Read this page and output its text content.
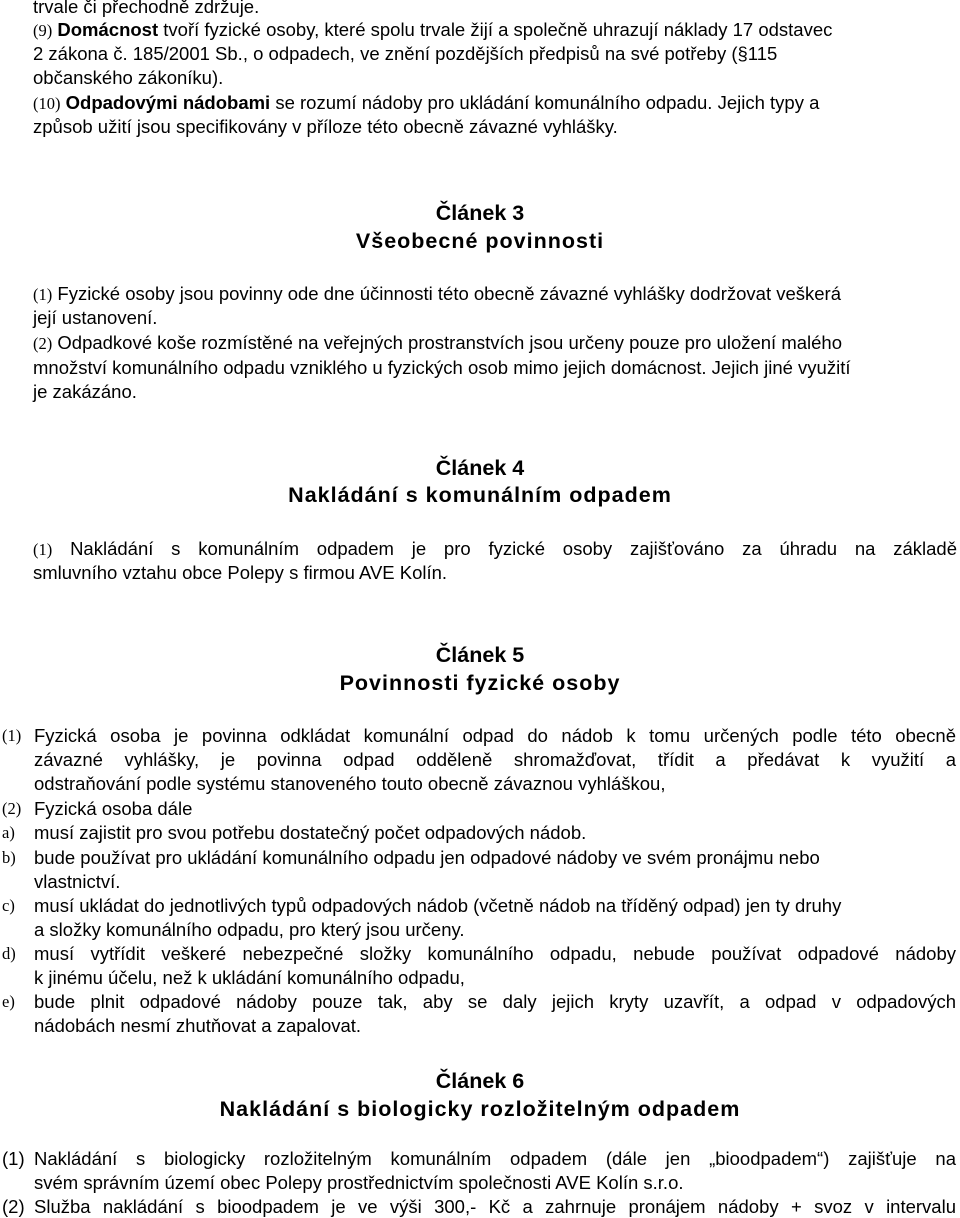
trvale či přechodně zdržuje.
(9) Domácnost tvoří fyzické osoby, které spolu trvale žijí a společně uhrazují náklady 17 odstavec
2 zákona č. 185/2001 Sb., o odpadech, ve znění pozdějších předpisů na své potřeby (§115
občanského zákoníku).
(10) Odpadovými nádobami se rozumí nádoby pro ukládání komunálního odpadu. Jejich typy a
způsob užití jsou specifikovány v příloze této obecně závazné vyhlášky.
Článek 3
Všeobecné povinnosti
(1) Fyzické osoby jsou povinny ode dne účinnosti této obecně závazné vyhlášky dodržovat veškerá
její ustanovení.
(2) Odpadkové koše rozmístěné na veřejných prostranstvích jsou určeny pouze pro uložení malého
množství komunálního odpadu vzniklého u fyzických osob mimo jejich domácnost. Jejich jiné využití
je zakázáno.
Článek 4
Nakládání s komunálním odpadem
(1) Nakládání s komunálním odpadem je pro fyzické osoby zajišťováno za úhradu na základě
smluvního vztahu obce Polepy s firmou AVE Kolín.
Článek 5
Povinnosti fyzické osoby
(1) Fyzická osoba je povinna odkládat komunální odpad do nádob k tomu určených podle této obecně
závazné vyhlášky, je povinna odpad odděleně shromažďovat, třídit a předávat k využití a
odstraňování podle systému stanoveného touto obecně závaznou vyhláškou,
(2) Fyzická osoba dále
a) musí zajistit pro svou potřebu dostatečný počet odpadových nádob.
b) bude používat pro ukládání komunálního odpadu jen odpadové nádoby ve svém pronájmu nebo
vlastnictví.
c) musí ukládat do jednotlivých typů odpadových nádob (včetně nádob na tříděný odpad) jen ty druhy
a složky komunálního odpadu, pro který jsou určeny.
d) musí vytřídit veškeré nebezpečné složky komunálního odpadu, nebude používat odpadové nádoby
k jinému účelu, než k ukládání komunálního odpadu,
e) bude plnit odpadové nádoby pouze tak, aby se daly jejich kryty uzavřít, a odpad v odpadových
nádobách nesmí zhutňovat a zapalovat.
Článek 6
Nakládání s biologicky rozložitelným odpadem
(1) Nakládání s biologicky rozložitelným komunálním odpadem (dále jen „bioodpadem“) zajišťuje na
svém správním území obec Polepy prostřednictvím společnosti AVE Kolín s.r.o.
(2) Služba nakládání s bioodpadem je ve výši 300,- Kč a zahrnuje pronájem nádoby + svoz v intervalu
